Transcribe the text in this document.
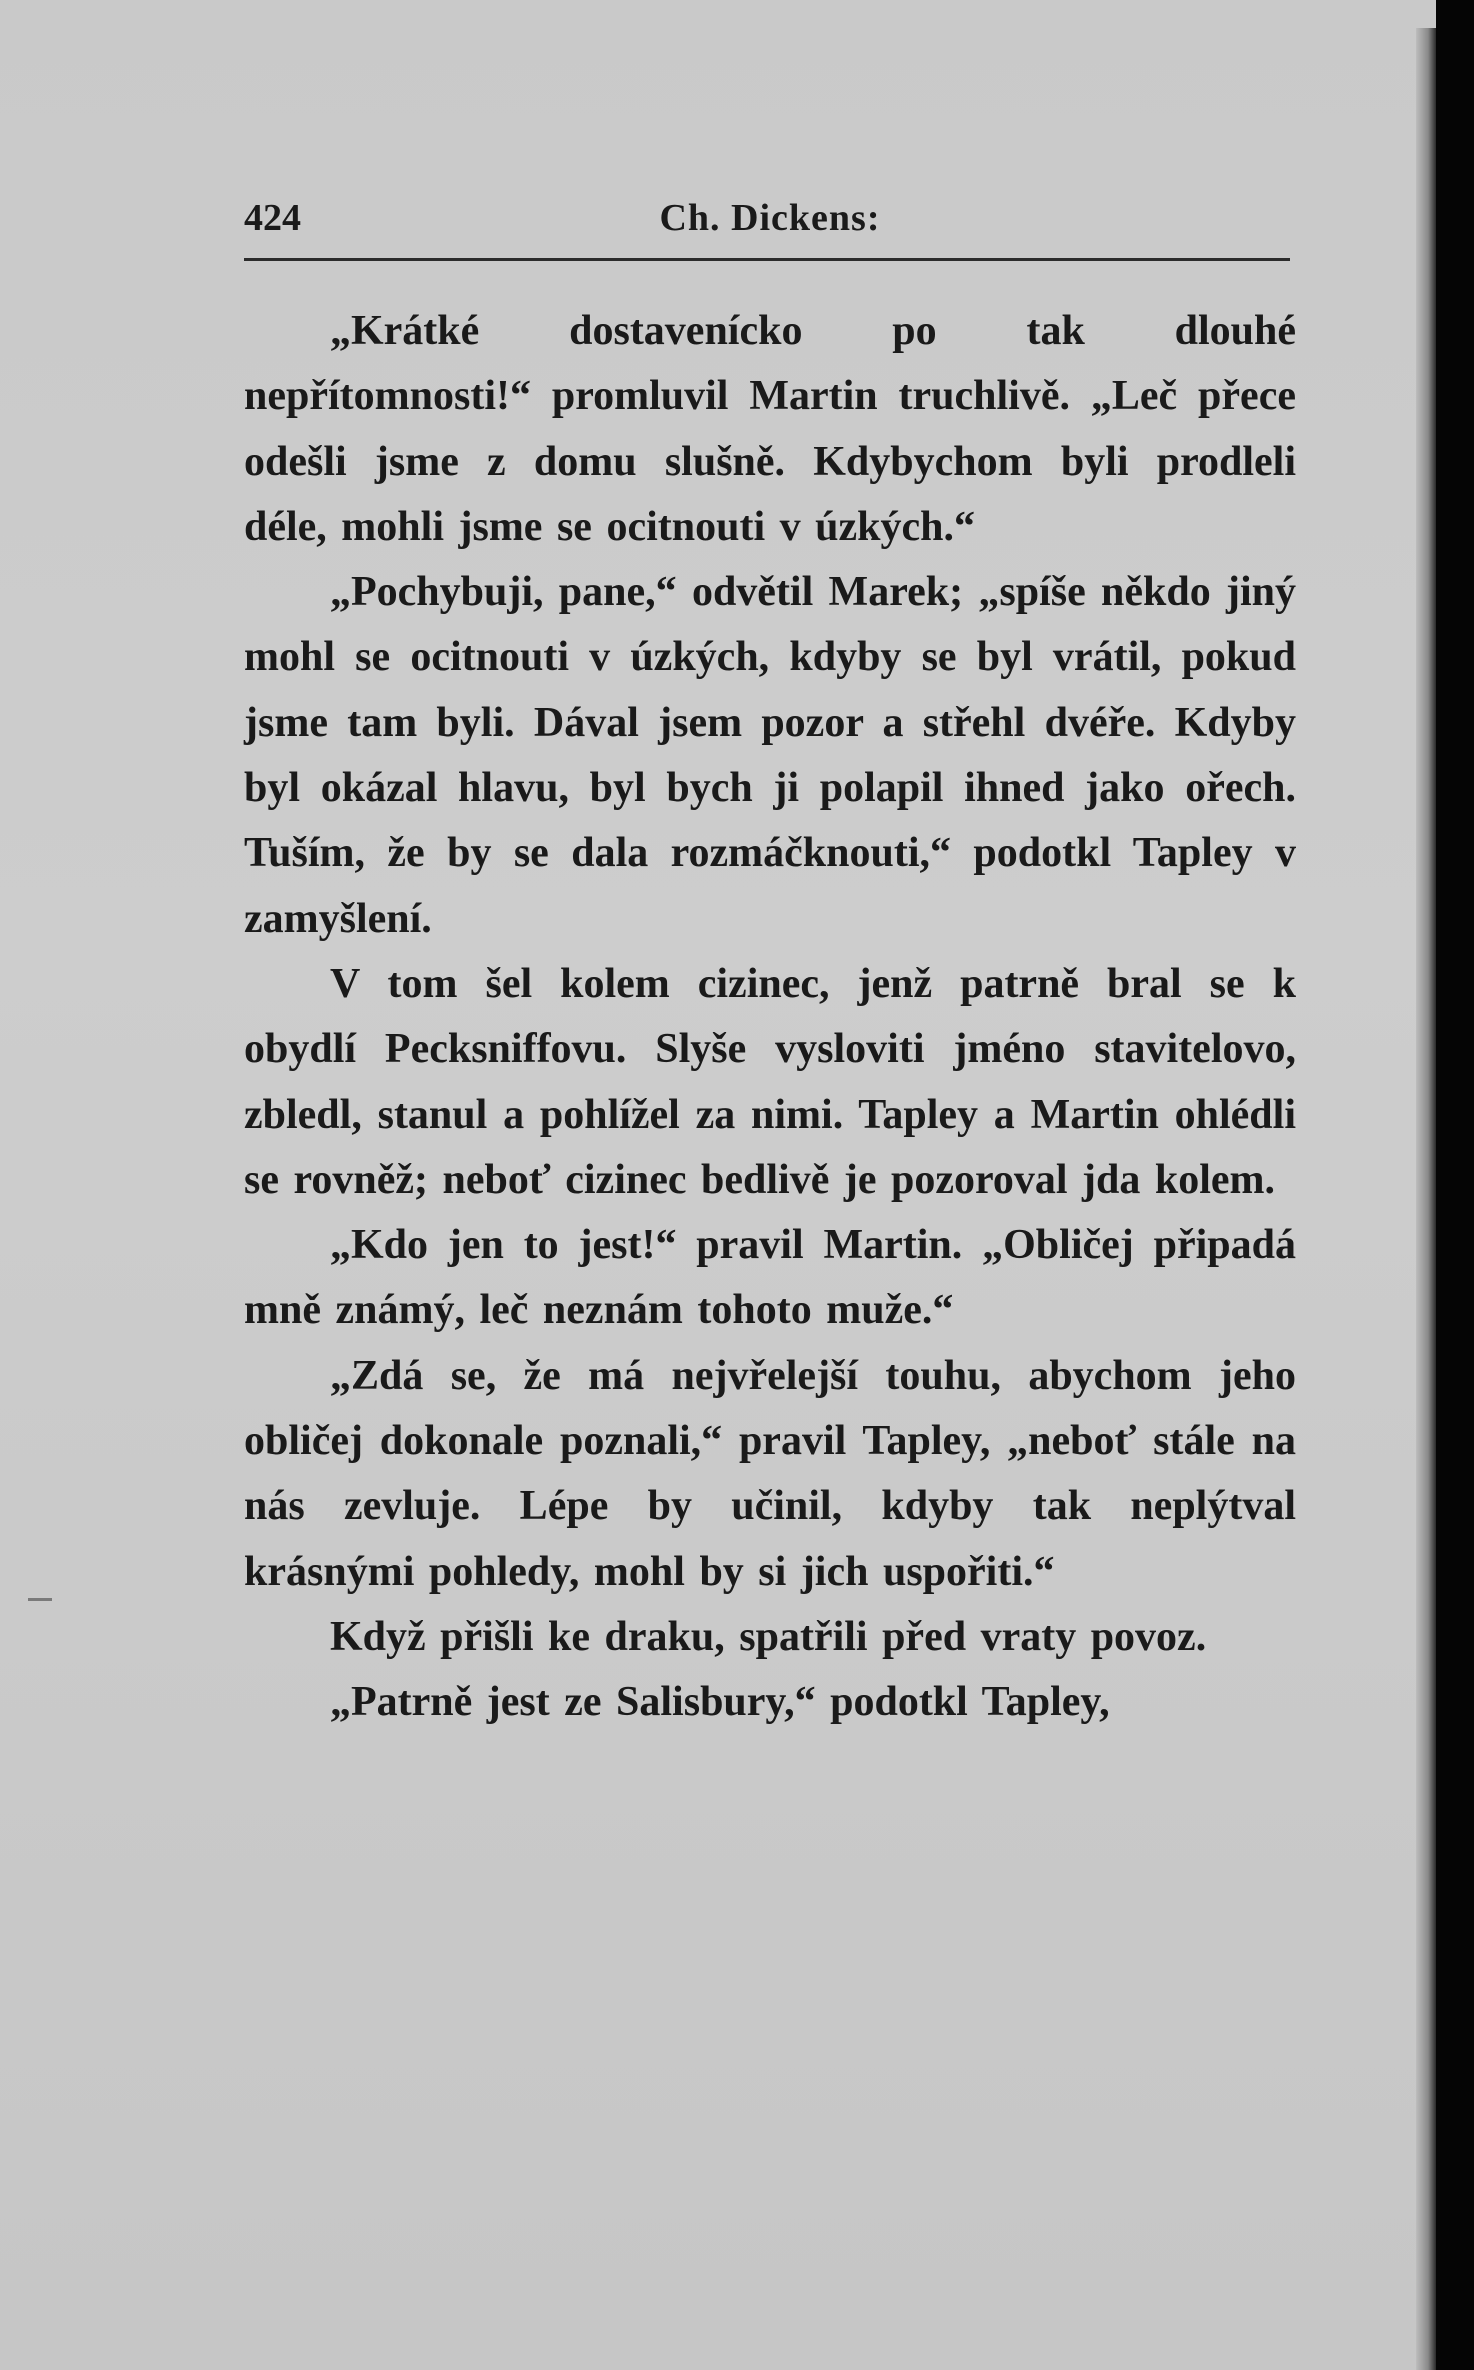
424	Ch. Dickens:

„Krátké dostavenícko po tak dlouhé nepřítomnosti!“ promluvil Martin truchlivě. „Leč přece odešli jsme z domu slušně. Kdybychom byli prodleli déle, mohli jsme se ocitnouti v úzkých.“

„Pochybuji, pane,“ odvětil Marek; „spíše někdo jiný mohl se ocitnouti v úzkých, kdyby se byl vrátil, pokud jsme tam byli. Dával jsem pozor a střehl dvéře. Kdyby byl okázal hlavu, byl bych ji polapil ihned jako ořech. Tuším, že by se dala rozmáčknouti,“ podotkl Tapley v zamyšlení.

V tom šel kolem cizinec, jenž patrně bral se k obydlí Pecksniffovu. Slyše vysloviti jméno stavitelovo, zbledl, stanul a pohlížel za nimi. Tapley a Martin ohlédli se rovněž; neboť cizinec bedlivě je pozoroval jda kolem.

„Kdo jen to jest!“ pravil Martin. „Obličej připadá mně známý, leč neznám tohoto muže.“

„Zdá se, že má nejvřelejší touhu, abychom jeho obličej dokonale poznali,“ pravil Tapley, „neboť stále na nás zevluje. Lépe by učinil, kdyby tak neplýtval krásnými pohledy, mohl by si jich uspořiti.“

Když přišli ke draku, spatřili před vraty povoz.

„Patrně jest ze Salisbury,“ podotkl Tapley,
